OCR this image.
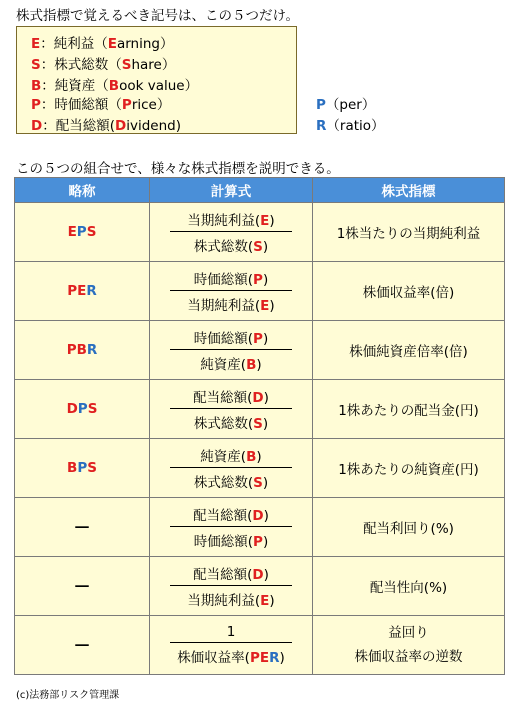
株式指標で覚えるべき記号は、この５つだけ。
E：純利益（Earning）
S：株式総数（Share）
B：純資産（Book value）
P：時価総額（Price）
D：配当総額(Dividend)
P（per）
R（ratio）
この５つの組合せで、様々な株式指標を説明できる。
略称	計算式	株式指標
EPS	$\frac{\text{当期純利益(E)}}{\text{株式総数(S)}}$	1株当たりの当期純利益
PER	$\frac{\text{時価総額(P)}}{\text{当期純利益(E)}}$	株価収益率(倍)
PBR	$\frac{\text{時価総額(P)}}{\text{純資産(B)}}$	株価純資産倍率(倍)
DPS	$\frac{\text{配当総額(D)}}{\text{株式総数(S)}}$	1株あたりの配当金(円)
BPS	$\frac{\text{純資産(B)}}{\text{株式総数(S)}}$	1株あたりの純資産(円)
―	$\frac{\text{配当総額(D)}}{\text{時価総額(P)}}$	配当利回り(%)
―	$\frac{\text{配当総額(D)}}{\text{当期純利益(E)}}$	配当性向(%)
―	$\frac{1}{\text{株価収益率(PER)}}$	益回り
株価収益率の逆数
(c)法務部リスク管理課
